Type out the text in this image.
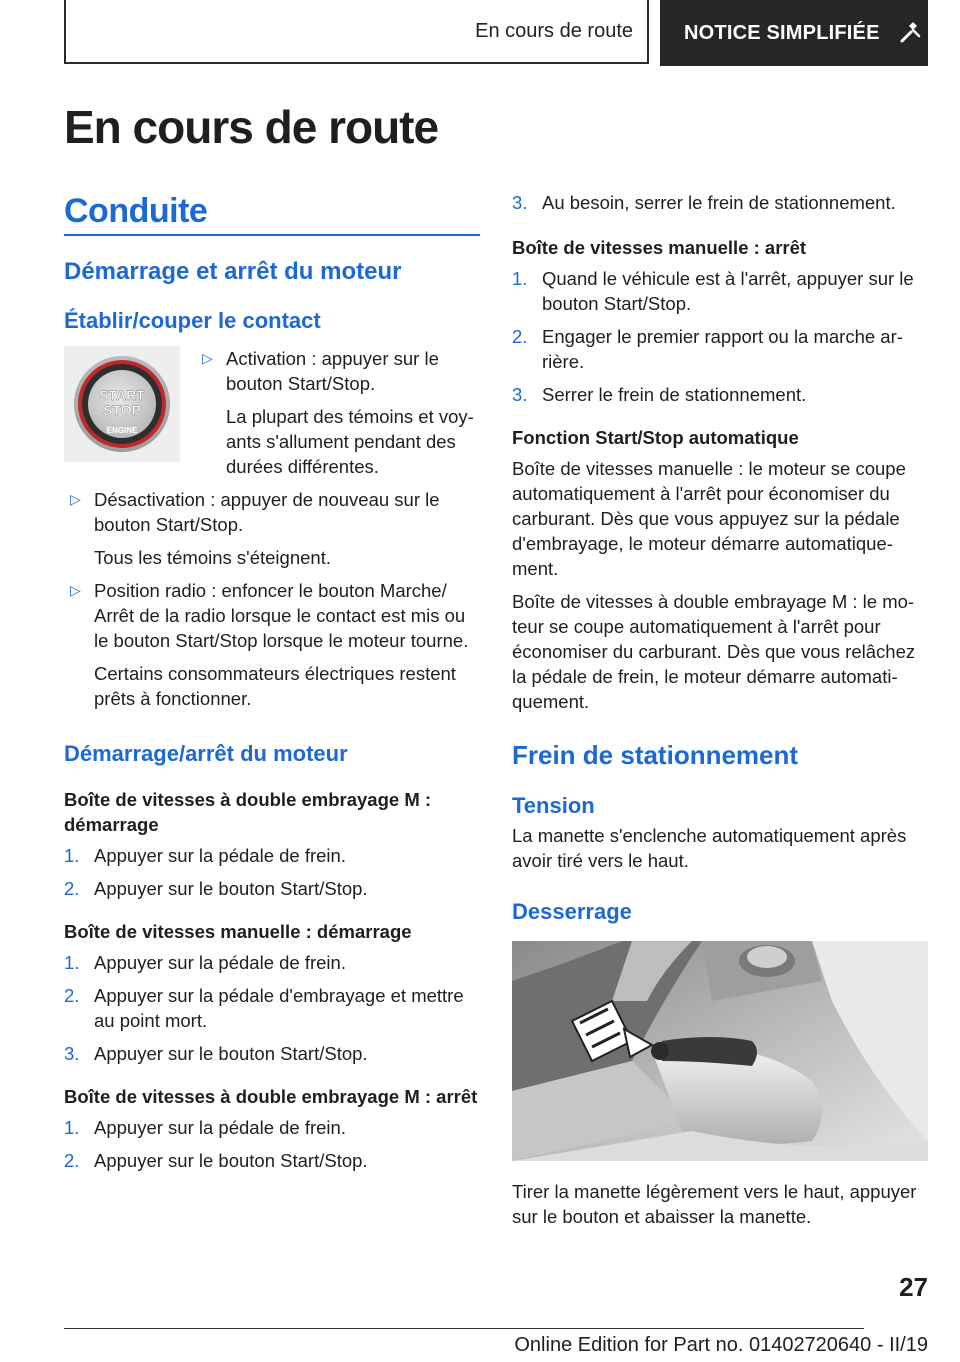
En cours de route	NOTICE SIMPLIFIÉE
En cours de route
Conduite
Démarrage et arrêt du moteur
Établir/couper le contact
START
STOP
ENGINE
▷ Activation : appuyer sur le bouton Start/Stop.
La plupart des témoins et voyants s'allument pendant des durées différentes.
▷ Désactivation : appuyer de nouveau sur le bouton Start/Stop.
Tous les témoins s'éteignent.
▷ Position radio : enfoncer le bouton Marche/ Arrêt de la radio lorsque le contact est mis ou le bouton Start/Stop lorsque le moteur tourne.
Certains consommateurs électriques restent prêts à fonctionner.
Démarrage/arrêt du moteur
Boîte de vitesses à double embrayage M : démarrage
1. Appuyer sur la pédale de frein.
2. Appuyer sur le bouton Start/Stop.
Boîte de vitesses manuelle : démarrage
1. Appuyer sur la pédale de frein.
2. Appuyer sur la pédale d'embrayage et mettre au point mort.
3. Appuyer sur le bouton Start/Stop.
Boîte de vitesses à double embrayage M : arrêt
1. Appuyer sur la pédale de frein.
2. Appuyer sur le bouton Start/Stop.
3. Au besoin, serrer le frein de stationnement.
Boîte de vitesses manuelle : arrêt
1. Quand le véhicule est à l'arrêt, appuyer sur le bouton Start/Stop.
2. Engager le premier rapport ou la marche arrière.
3. Serrer le frein de stationnement.
Fonction Start/Stop automatique
Boîte de vitesses manuelle : le moteur se coupe automatiquement à l'arrêt pour économiser du carburant. Dès que vous appuyez sur la pédale d'embrayage, le moteur démarre automatiquement.
Boîte de vitesses à double embrayage M : le moteur se coupe automatiquement à l'arrêt pour économiser du carburant. Dès que vous relâchez la pédale de frein, le moteur démarre automatiquement.
Frein de stationnement
Tension
La manette s'enclenche automatiquement après avoir tiré vers le haut.
Desserrage
Tirer la manette légèrement vers le haut, appuyer sur le bouton et abaisser la manette.
27
Online Edition for Part no. 01402720640 - II/19
